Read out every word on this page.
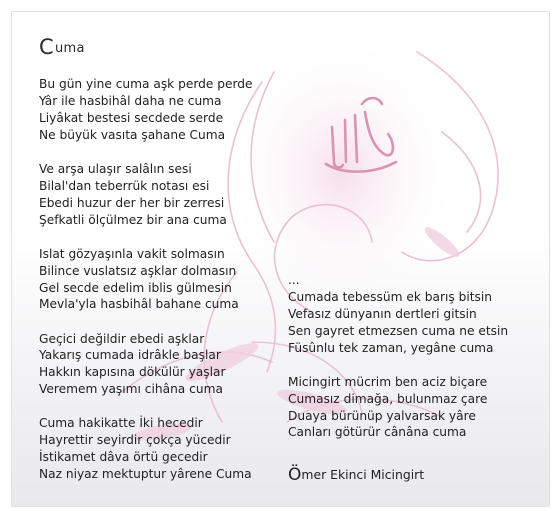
Cuma
Bu gün yine cuma aşk perde perde
Yâr ile hasbihâl daha ne cuma
Liyâkat bestesi secdede serde
Ne büyük vasıta şahane Cuma
Ve arşa ulaşır salâlın sesi
Bilal'dan teberrük notası esi
Ebedi huzur der her bir zerresi
Şefkatli ölçülmez bir ana cuma
Islat gözyaşınla vakit solmasın
Bilince vuslatsız aşklar dolmasın
Gel secde edelim iblis gülmesin
Mevla'yla hasbihâl bahane cuma
Geçici değildir ebedi aşklar
Yakarış cumada idrâkle başlar
Hakkın kapısına dökülür yaşlar
Veremem yaşımı cihâna cuma
Cuma hakikatte İki hecedir
Hayrettir seyirdir çokça yücedir
İstikamet dâva örtü gecedir
Naz niyaz mektuptur yârene Cuma
...
Cumada tebessüm ek barış bitsin
Vefasız dünyanın dertleri gitsin
Sen gayret etmezsen cuma ne etsin
Füsûnlu tek zaman, yegâne cuma
Micingirt mücrim ben aciz biçare
Cumasız dimağa, bulunmaz çare
Duaya bürünüp yalvarsak yâre
Canları götürür cânâna cuma
Ömer Ekinci Micingirt
